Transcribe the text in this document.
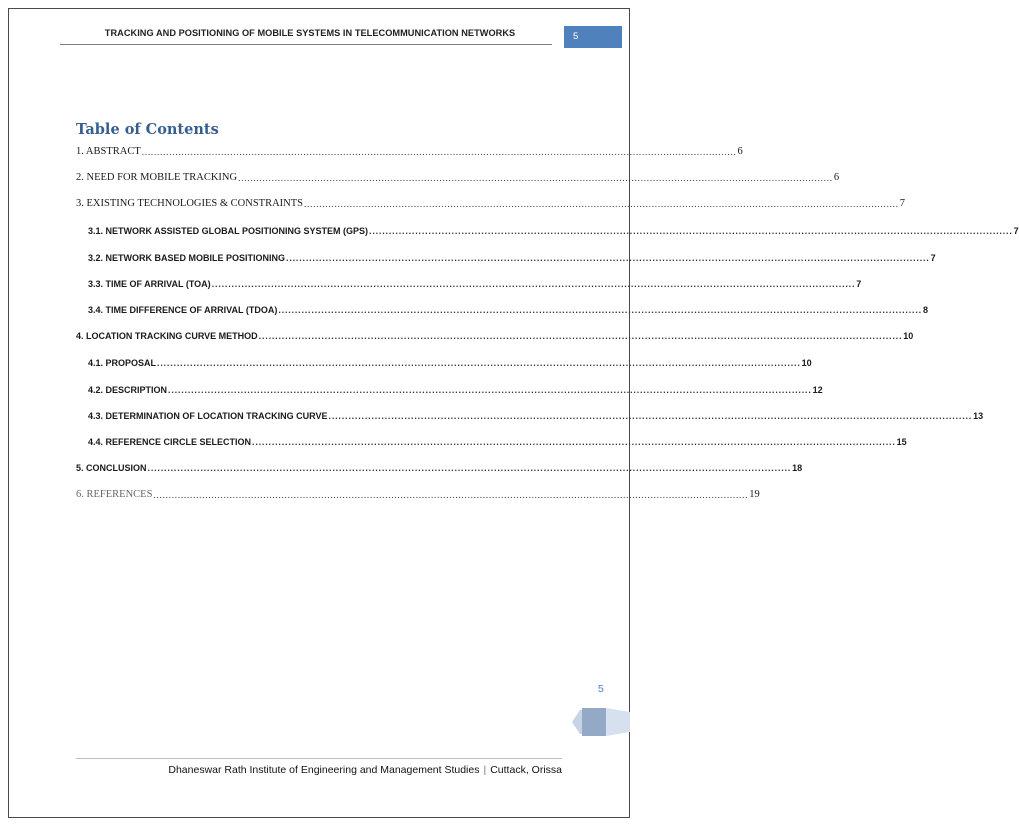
TRACKING AND POSITIONING OF MOBILE SYSTEMS IN TELECOMMUNICATION NETWORKS	5
Table of Contents
1. ABSTRACT ................................................................................................................................................................................................... 6
2. NEED FOR MOBILE TRACKING ................................................................................................................................................................................................... 6
3. EXISTING TECHNOLOGIES & CONSTRAINTS ................................................................................................................................................................................................... 7
3.1. NETWORK ASSISTED GLOBAL POSITIONING SYSTEM (GPS) ................................................................................................................................................................................................... 7
3.2. NETWORK BASED MOBILE POSITIONING ................................................................................................................................................................................................... 7
3.3. TIME OF ARRIVAL (TOA) ................................................................................................................................................................................................... 7
3.4. TIME DIFFERENCE OF ARRIVAL (TDOA) ................................................................................................................................................................................................... 8
4. LOCATION TRACKING CURVE METHOD ................................................................................................................................................................................................... 10
4.1. PROPOSAL ................................................................................................................................................................................................... 10
4.2. DESCRIPTION ................................................................................................................................................................................................... 12
4.3. DETERMINATION OF LOCATION TRACKING CURVE ................................................................................................................................................................................................... 13
4.4. REFERENCE CIRCLE SELECTION ................................................................................................................................................................................................... 15
5. CONCLUSION ................................................................................................................................................................................................... 18
6. REFERENCES ................................................................................................................................................................................................... 19
5
Dhaneswar Rath Institute of Engineering and Management Studies | Cuttack, Orissa
